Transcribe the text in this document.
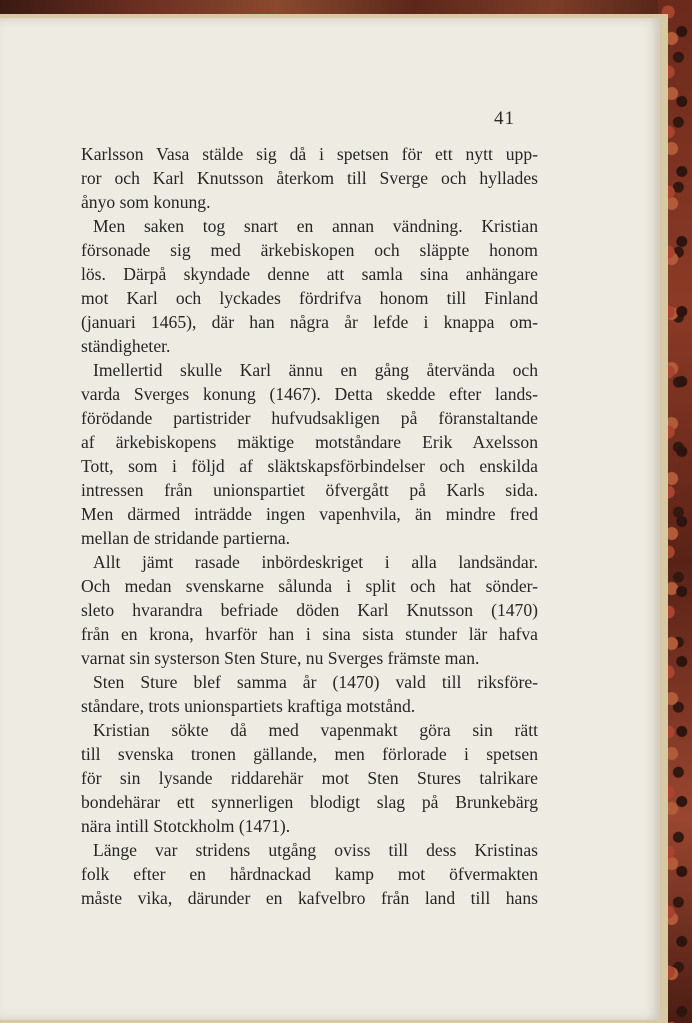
41
Karlsson Vasa stälde sig då i spetsen för ett nytt upp-
ror och Karl Knutsson återkom till Sverge och hyllades
ånyo som konung.
Men saken tog snart en annan vändning. Kristian
försonade sig med ärkebiskopen och släppte honom
lös. Därpå skyndade denne att samla sina anhängare
mot Karl och lyckades fördrifva honom till Finland
(januari 1465), där han några år lefde i knappa om-
ständigheter.
Imellertid skulle Karl ännu en gång återvända och
varda Sverges konung (1467). Detta skedde efter lands-
förödande partistrider hufvudsakligen på föranstaltande
af ärkebiskopens mäktige motståndare Erik Axelsson
Tott, som i följd af släktskapsförbindelser och enskilda
intressen från unionspartiet öfvergått på Karls sida.
Men därmed inträdde ingen vapenhvila, än mindre fred
mellan de stridande partierna.
Allt jämt rasade inbördeskriget i alla landsändar.
Och medan svenskarne sålunda i split och hat sönder-
sleto hvarandra befriade döden Karl Knutsson (1470)
från en krona, hvarför han i sina sista stunder lär hafva
varnat sin systerson Sten Sture, nu Sverges främste man.
Sten Sture blef samma år (1470) vald till riksföre-
ståndare, trots unionspartiets kraftiga motstånd.
Kristian sökte då med vapenmakt göra sin rätt
till svenska tronen gällande, men förlorade i spetsen
för sin lysande riddarehär mot Sten Stures talrikare
bondehärar ett synnerligen blodigt slag på Brunkebärg
nära intill Stotckholm (1471).
Länge var stridens utgång oviss till dess Kristinas
folk efter en hårdnackad kamp mot öfvermakten
måste vika, därunder en kafvelbro från land till hans
